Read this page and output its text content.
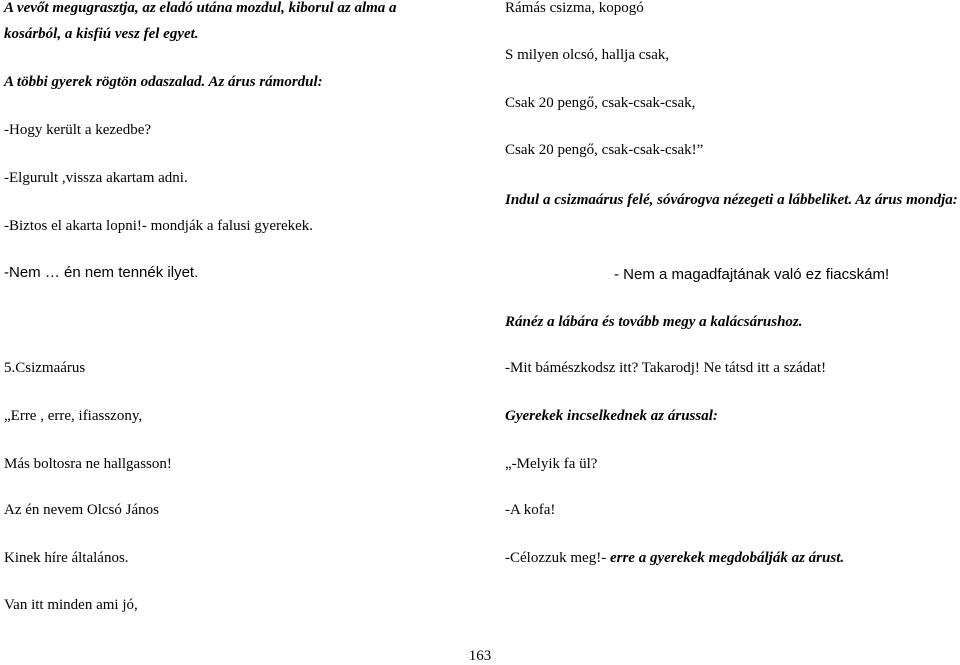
A vevőt megugrasztja, az eladó utána mozdul, kiborul az alma a
kosárból, a kisfiú vesz fel egyet.
A többi gyerek rögtön odaszalad. Az árus rámordul:
-Hogy került a kezedbe?
-Elgurult ,vissza akartam adni.
-Biztos el akarta lopni!- mondják a falusi gyerekek.
-Nem … én nem tennék ilyet.
5.Csizmaárus
„Erre , erre, ifiasszony,
Más boltosra ne hallgasson!
Az én nevem Olcsó János
Kinek híre általános.
Van itt minden ami jó,
Rámás csizma, kopogó
S milyen olcsó, hallja csak,
Csak 20 pengő, csak-csak-csak,
Csak 20 pengő, csak-csak-csak!”
Indul a csizmaárus felé, sóvárogva nézegeti a lábbeliket. Az árus mondja:
- Nem a magadfajtának való ez fiacskám!
Ránéz a lábára és tovább megy a kalácsárushoz.
-Mit bámészkodsz itt? Takarodj! Ne tátsd itt a szádat!
Gyerekek incselkednek az árussal:
„-Melyik fa ül?
-A kofa!
-Célozzuk meg!- erre a gyerekek megdobálják az árust.
163
